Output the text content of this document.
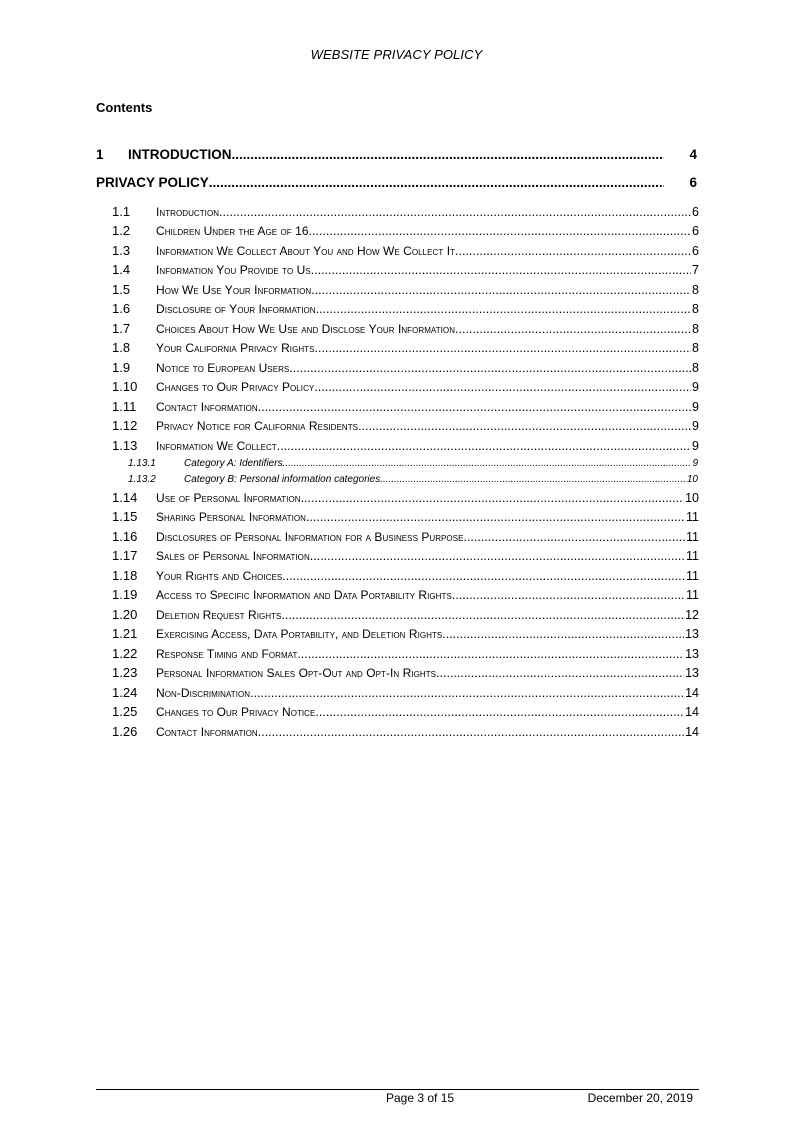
WEBSITE PRIVACY POLICY
Contents
1	INTRODUCTION .....	4
PRIVACY POLICY .....	6
1.1	Introduction .....	6
1.2	Children Under the Age of 16 .....	6
1.3	Information We Collect About You and How We Collect It .....	6
1.4	Information You Provide to Us. .....	7
1.5	How We Use Your Information .....	8
1.6	Disclosure of Your Information .....	8
1.7	Choices About How We Use and Disclose Your Information .....	8
1.8	Your California Privacy Rights .....	8
1.9	Notice to European Users .....	8
1.10	Changes to Our Privacy Policy .....	9
1.11	Contact Information .....	9
1.12	Privacy Notice for California Residents .....	9
1.13	Information We Collect .....	9
1.13.1	Category A: Identifiers .....	9
1.13.2	Category B: Personal information categories. .....	10
1.14	Use of Personal Information .....	10
1.15	Sharing Personal Information .....	11
1.16	Disclosures of Personal Information for a Business Purpose .....	11
1.17	Sales of Personal Information .....	11
1.18	Your Rights and Choices. .....	11
1.19	Access to Specific Information and Data Portability Rights .....	11
1.20	Deletion Request Rights .....	12
1.21	Exercising Access, Data Portability, and Deletion Rights .....	13
1.22	Response Timing and Format. .....	13
1.23	Personal Information Sales Opt-Out and Opt-In Rights .....	13
1.24	Non-Discrimination. .....	14
1.25	Changes to Our Privacy Notice .....	14
1.26	Contact Information .....	14
Page 3 of 15	December 20, 2019
